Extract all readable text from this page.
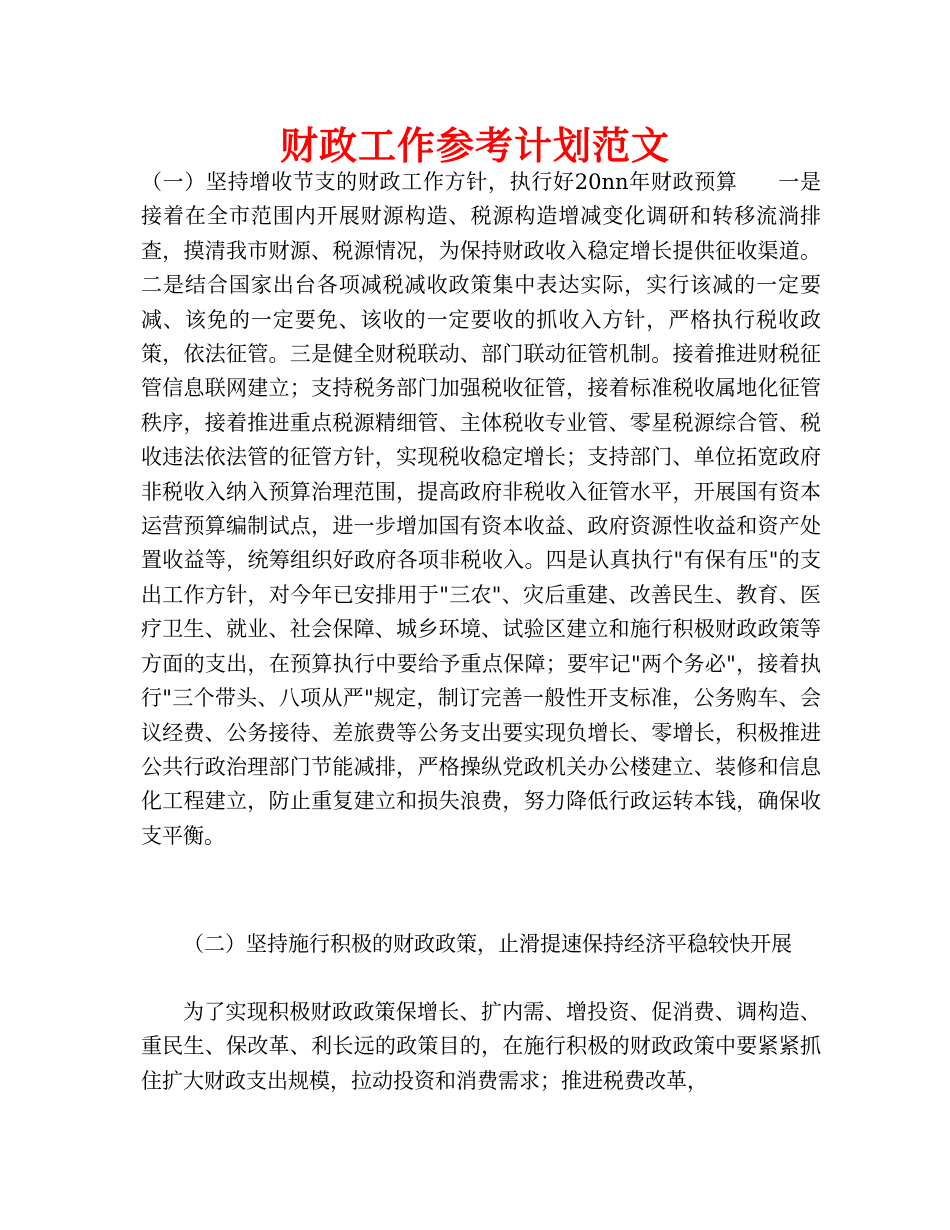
财政工作参考计划范文

（一）坚持增收节支的财政工作方针，执行好20nn年财政预算 一是接着在全市范围内开展财源构造、税源构造增减变化调研和转移流淌排查，摸清我市财源、税源情况，为保持财政收入稳定增长提供征收渠道。二是结合国家出台各项减税减收政策集中表达实际，实行该减的一定要减、该免的一定要免、该收的一定要收的抓收入方针，严格执行税收政策，依法征管。三是健全财税联动、部门联动征管机制。接着推进财税征管信息联网建立；支持税务部门加强税收征管，接着标准税收属地化征管秩序，接着推进重点税源精细管、主体税收专业管、零星税源综合管、税收违法依法管的征管方针，实现税收稳定增长；支持部门、单位拓宽政府非税收入纳入预算治理范围，提高政府非税收入征管水平，开展国有资本运营预算编制试点，进一步增加国有资本收益、政府资源性收益和资产处置收益等，统筹组织好政府各项非税收入。四是认真执行"有保有压"的支出工作方针，对今年已安排用于"三农"、灾后重建、改善民生、教育、医疗卫生、就业、社会保障、城乡环境、试验区建立和施行积极财政政策等方面的支出，在预算执行中要给予重点保障；要牢记"两个务必"，接着执行"三个带头、八项从严"规定，制订完善一般性开支标准，公务购车、会议经费、公务接待、差旅费等公务支出要实现负增长、零增长，积极推进公共行政治理部门节能减排，严格操纵党政机关办公楼建立、装修和信息化工程建立，防止重复建立和损失浪费，努力降低行政运转本钱，确保收支平衡。

（二）坚持施行积极的财政政策，止滑提速保持经济平稳较快开展

为了实现积极财政政策保增长、扩内需、增投资、促消费、调构造、重民生、保改革、利长远的政策目的，在施行积极的财政政策中要紧紧抓住扩大财政支出规模，拉动投资和消费需求；推进税费改革，
